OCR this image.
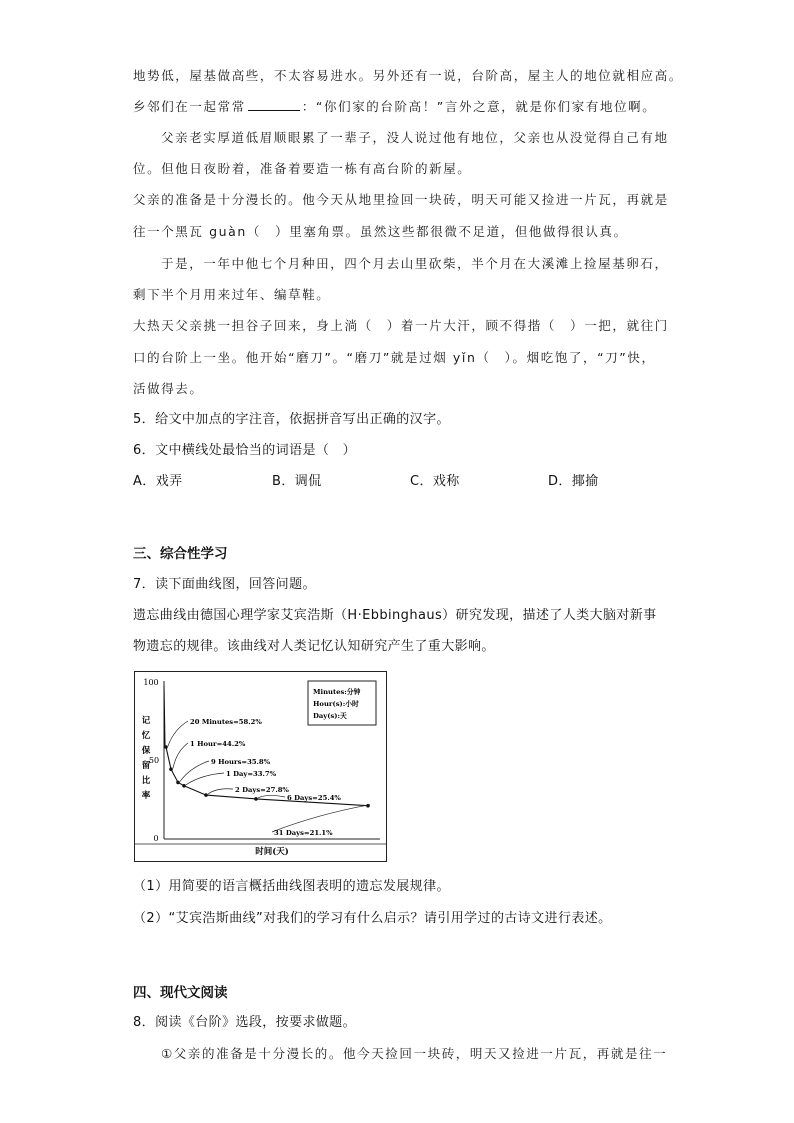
地势低，屋基做高些，不太容易进水。另外还有一说，台阶高，屋主人的地位就相应高。
乡邻们在一起常常	：“你们家的台阶高！”言外之意，就是你们家有地位啊。
父亲老实厚道低眉顺眼累了一辈子，没人说过他有地位，父亲也从没觉得自己有地
位。但他日夜盼着，准备着要造一栋有高台阶的新屋。
父亲的准备是十分漫长的。他今天从地里捡回一块砖，明天可能又捡进一片瓦，再就是
往一个黑瓦 guàn（　）里塞角票。虽然这些都很微不足道，但他做得很认真。
于是，一年中他七个月种田，四个月去山里砍柴，半个月在大溪滩上捡屋基卵石，
剩下半个月用来过年、编草鞋。
大热天父亲挑一担谷子回来，身上淌（　）着一片大汗，顾不得揩（　）一把，就往门
口的台阶上一坐。他开始“磨刀”。“磨刀”就是过烟 yǐn（　）。烟吃饱了，“刀”快，
活做得去。
5．给文中加点的字注音，依据拼音写出正确的汉字。
6．文中横线处最恰当的词语是（　）
A．戏弄	B．调侃	C．戏称	D．揶揄
三、综合性学习
7．读下面曲线图，回答问题。
遗忘曲线由德国心理学家艾宾浩斯（H·Ebbinghaus）研究发现，描述了人类大脑对新事
物遗忘的规律。该曲线对人类记忆认知研究产生了重大影响。
100
50
0
记
忆
保
留
比
率
时间(天)
Minutes:分钟
Hour(s):小时
Day(s):天
20 Minutes=58.2%
1 Hour=44.2%
9 Hours=35.8%
1 Day=33.7%
2 Days=27.8%
6 Days=25.4%
31 Days=21.1%
（1）用简要的语言概括曲线图表明的遗忘发展规律。
（2）“艾宾浩斯曲线”对我们的学习有什么启示？请引用学过的古诗文进行表述。
四、现代文阅读
8．阅读《台阶》选段，按要求做题。
①父亲的准备是十分漫长的。他今天捡回一块砖，明天又捡进一片瓦，再就是往一
